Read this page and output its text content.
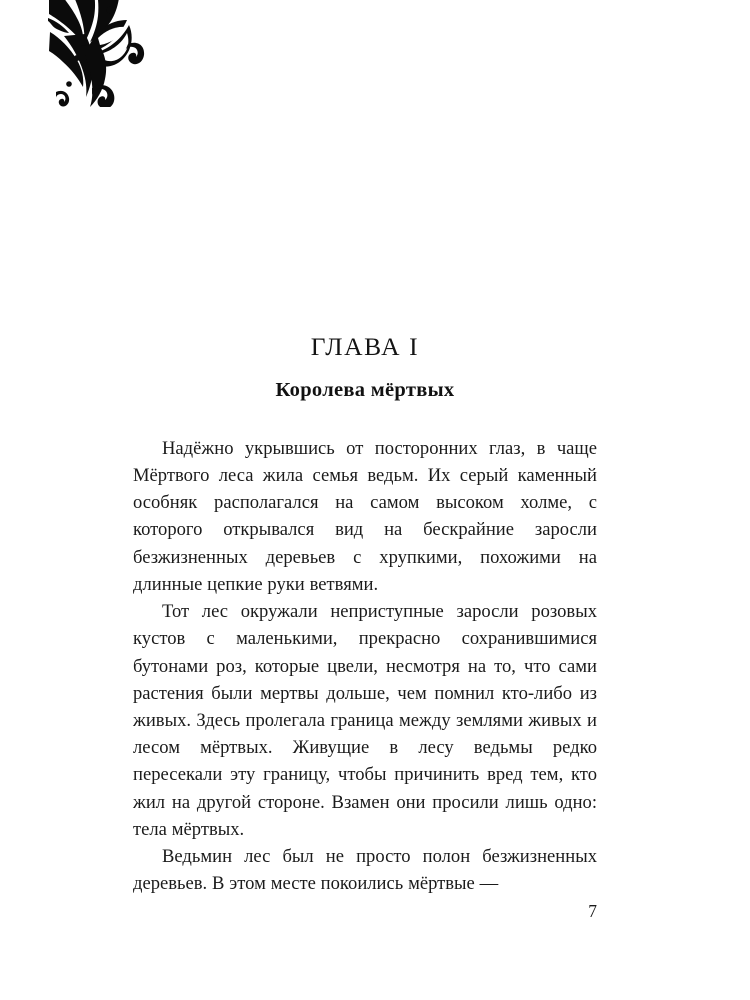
ГЛАВА I
Королева мёртвых

Надёжно укрывшись от посторонних глаз, в чаще Мёртвого леса жила семья ведьм. Их серый каменный особняк располагался на самом высоком холме, с которого открывался вид на бескрайние заросли безжизненных деревьев с хрупкими, похожими на длинные цепкие руки ветвями.

Тот лес окружали неприступные заросли розовых кустов с маленькими, прекрасно сохранившимися бутонами роз, которые цвели, несмотря на то, что сами растения были мертвы дольше, чем помнил кто-либо из живых. Здесь пролегала граница между землями живых и лесом мёртвых. Живущие в лесу ведьмы редко пересекали эту границу, чтобы причинить вред тем, кто жил на другой стороне. Взамен они просили лишь одно: тела мёртвых.

Ведьмин лес был не просто полон безжизненных деревьев. В этом месте покоились мёртвые —

7
